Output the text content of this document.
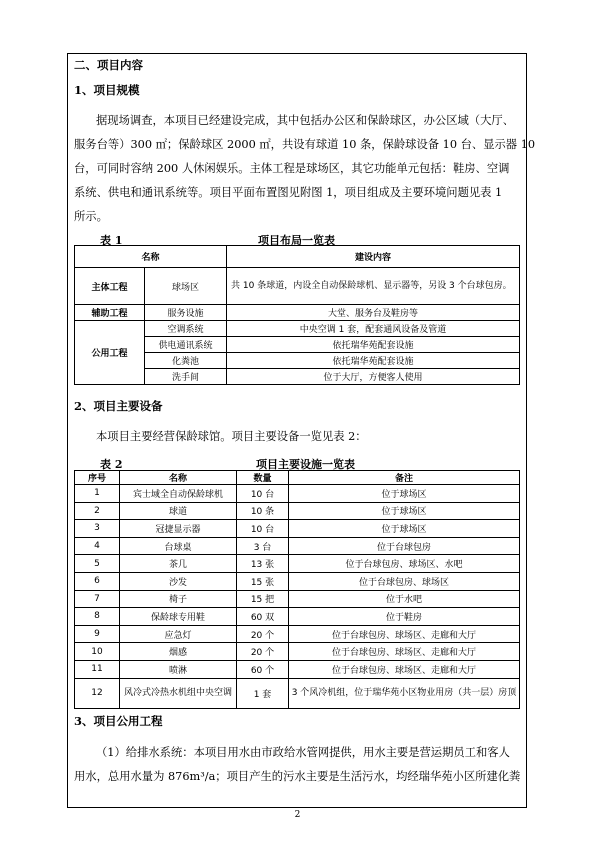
二、项目内容
1、项目规模
据现场调查，本项目已经建设完成，其中包括办公区和保龄球区，办公区域（大厅、
服务台等）300 ㎡；保龄球区 2000 ㎡，共设有球道 10 条，保龄球设备 10 台、显示器 10
台，可同时容纳 200 人休闲娱乐。主体工程是球场区，其它功能单元包括：鞋房、空调
系统、供电和通讯系统等。项目平面布置图见附图 1，项目组成及主要环境问题见表 1
所示。
表 1	项目布局一览表
名称		建设内容
主体工程	球场区	共 10 条球道，内设全自动保龄球机、显示器等，另设 3 个台球包房。
辅助工程	服务设施	大堂、服务台及鞋房等
公用工程	空调系统	中央空调 1 套，配套通风设备及管道
	供电通讯系统	依托瑞华苑配套设施
	化粪池	依托瑞华苑配套设施
	洗手间	位于大厅，方便客人使用
2、项目主要设备
本项目主要经营保龄球馆。项目主要设备一览见表 2：
表 2	项目主要设施一览表
序号	名称	数量	备注
1	宾士域全自动保龄球机	10 台	位于球场区
2	球道	10 条	位于球场区
3	冠捷显示器	10 台	位于球场区
4	台球桌	3 台	位于台球包房
5	茶几	13 张	位于台球包房、球场区、水吧
6	沙发	15 张	位于台球包房、球场区
7	椅子	15 把	位于水吧
8	保龄球专用鞋	60 双	位于鞋房
9	应急灯	20 个	位于台球包房、球场区、走廊和大厅
10	烟感	20 个	位于台球包房、球场区、走廊和大厅
11	喷淋	60 个	位于台球包房、球场区、走廊和大厅
12	风冷式冷热水机组中央空调	1 套	3 个风冷机组，位于瑞华苑小区物业用房（共一层）房顶
3、项目公用工程
（1）给排水系统：本项目用水由市政给水管网提供，用水主要是营运期员工和客人
用水，总用水量为 876m³/a；项目产生的污水主要是生活污水，均经瑞华苑小区所建化粪
2
